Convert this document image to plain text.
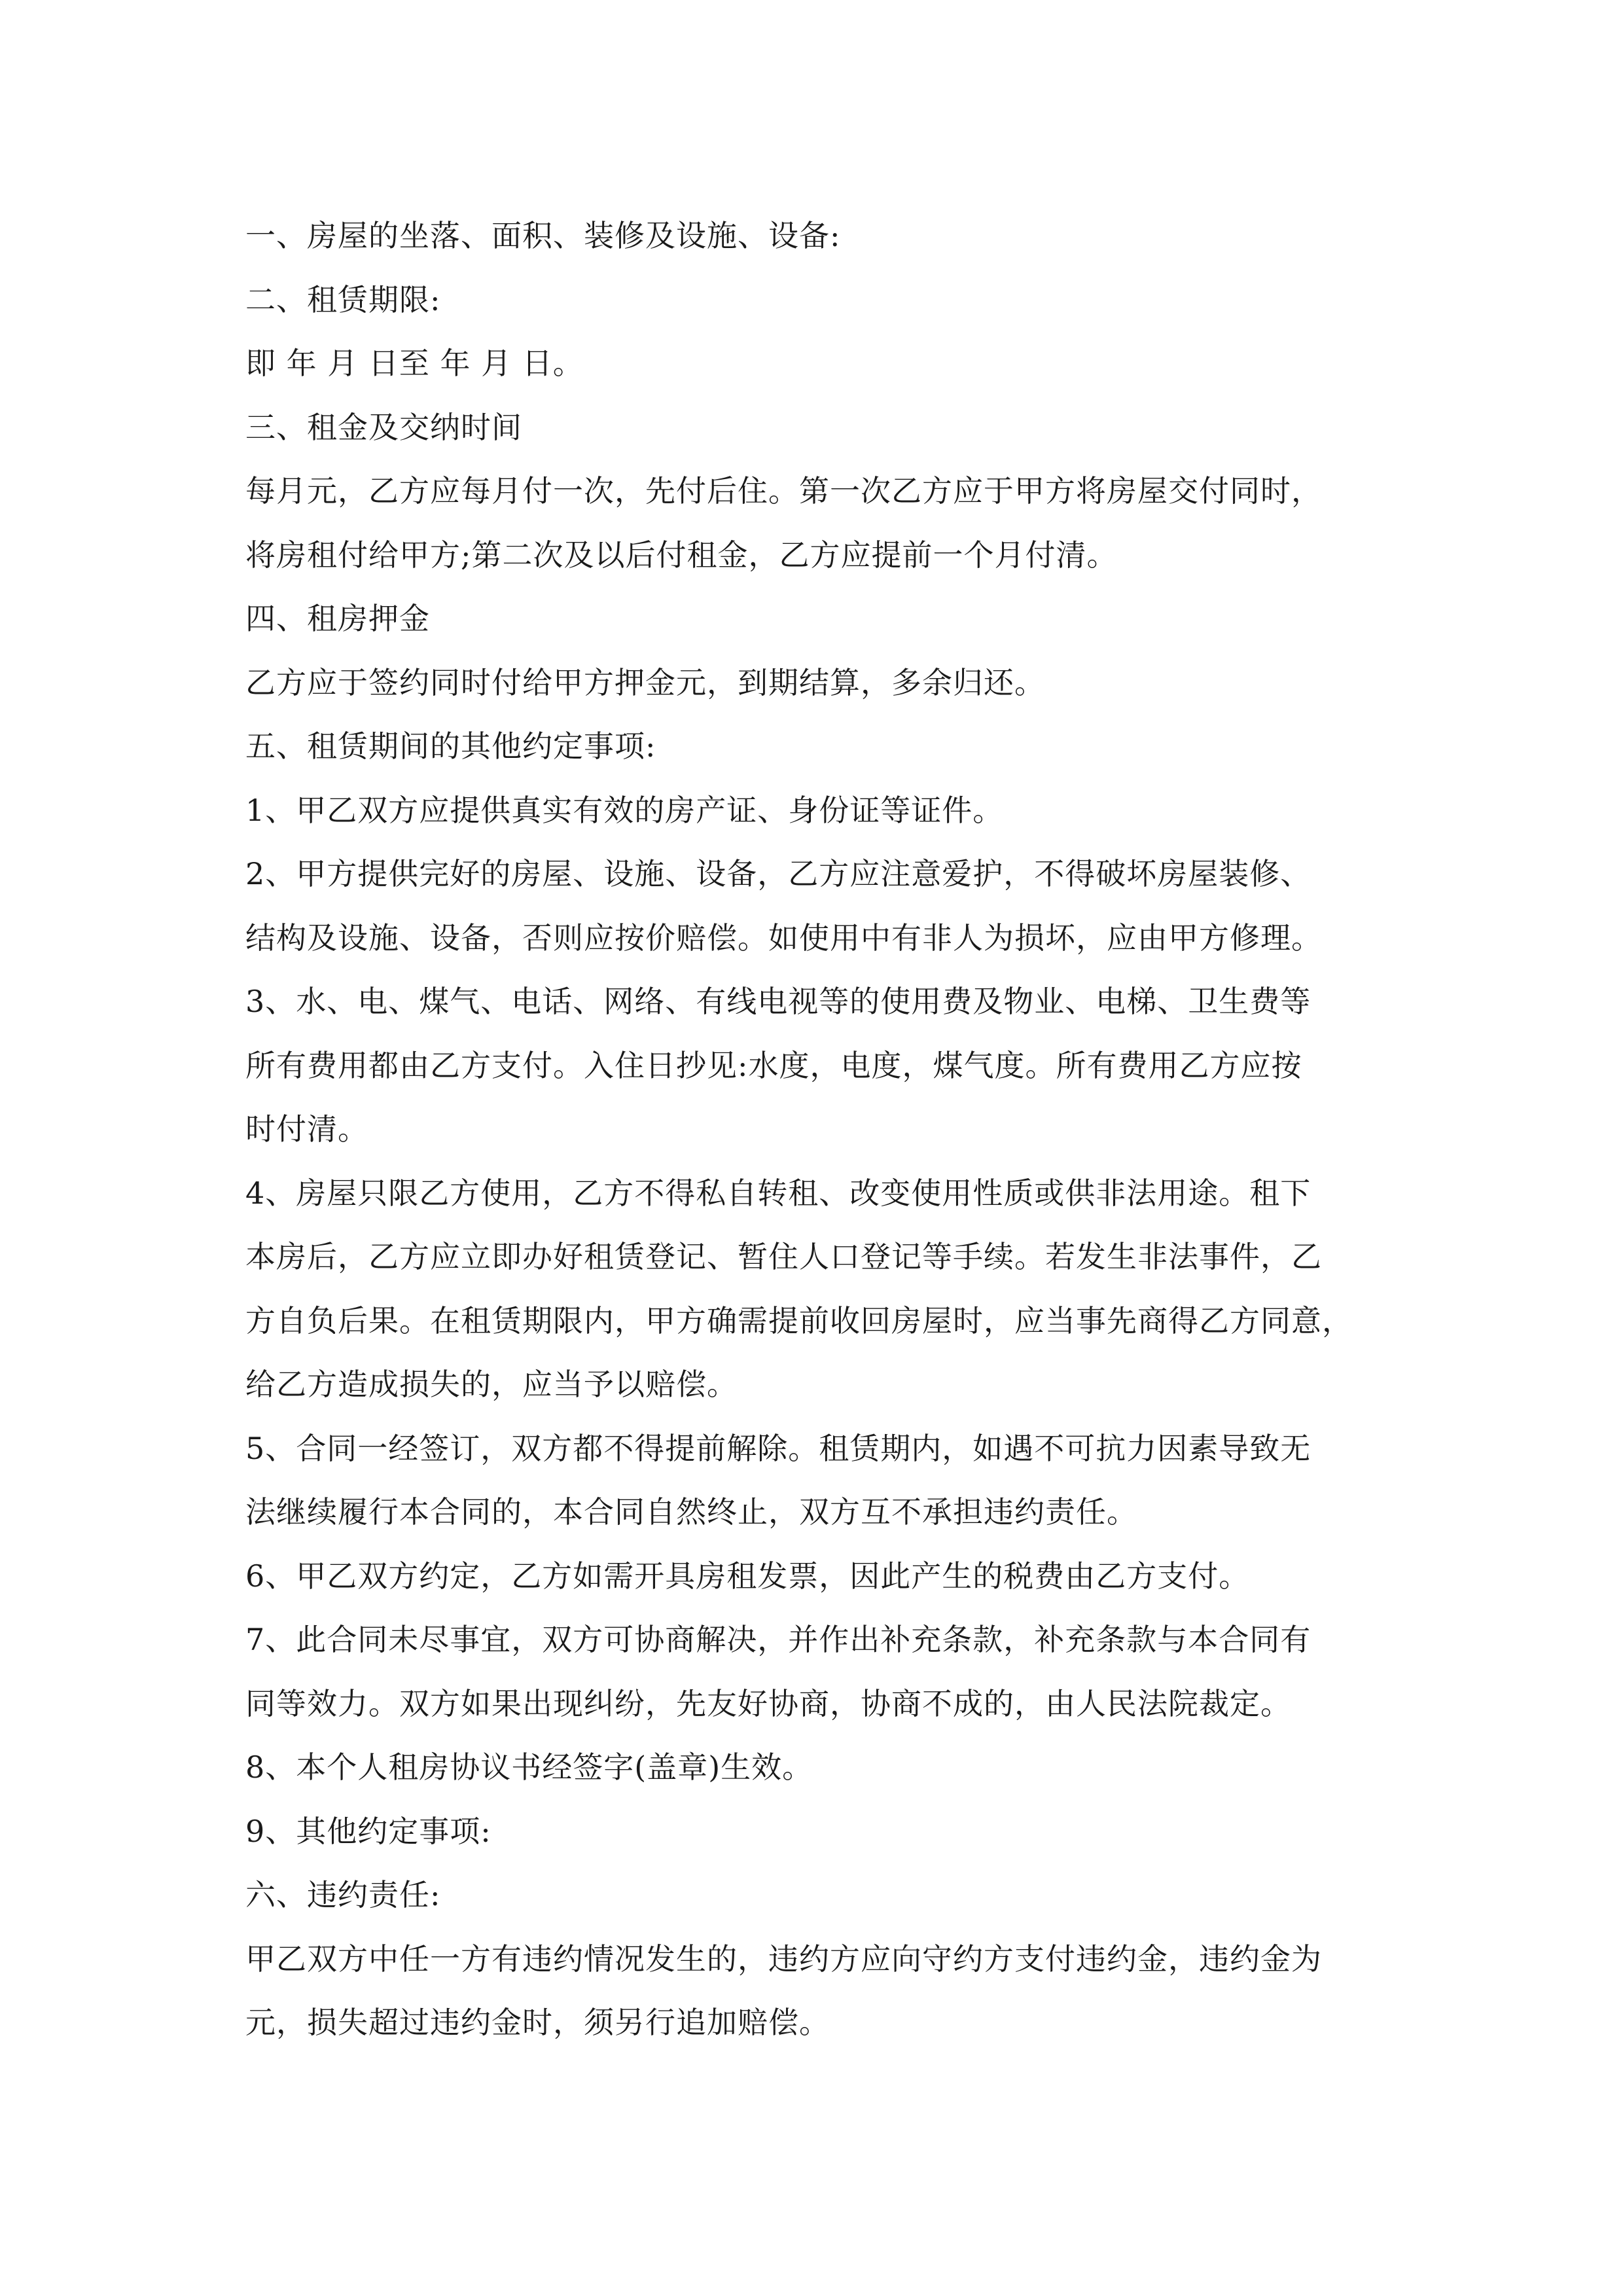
一、房屋的坐落、面积、装修及设施、设备:
二、租赁期限:
即 年 月 日至 年 月 日。
三、租金及交纳时间
每月元，乙方应每月付一次，先付后住。第一次乙方应于甲方将房屋交付同时，
将房租付给甲方;第二次及以后付租金，乙方应提前一个月付清。
四、租房押金
乙方应于签约同时付给甲方押金元，到期结算，多余归还。
五、租赁期间的其他约定事项:
1、甲乙双方应提供真实有效的房产证、身份证等证件。
2、甲方提供完好的房屋、设施、设备，乙方应注意爱护，不得破坏房屋装修、
结构及设施、设备，否则应按价赔偿。如使用中有非人为损坏，应由甲方修理。
3、水、电、煤气、电话、网络、有线电视等的使用费及物业、电梯、卫生费等
所有费用都由乙方支付。入住日抄见:水度，电度，煤气度。所有费用乙方应按
时付清。
4、房屋只限乙方使用，乙方不得私自转租、改变使用性质或供非法用途。租下
本房后，乙方应立即办好租赁登记、暂住人口登记等手续。若发生非法事件，乙
方自负后果。在租赁期限内，甲方确需提前收回房屋时，应当事先商得乙方同意，
给乙方造成损失的，应当予以赔偿。
5、合同一经签订，双方都不得提前解除。租赁期内，如遇不可抗力因素导致无
法继续履行本合同的，本合同自然终止，双方互不承担违约责任。
6、甲乙双方约定，乙方如需开具房租发票，因此产生的税费由乙方支付。
7、此合同未尽事宜，双方可协商解决，并作出补充条款，补充条款与本合同有
同等效力。双方如果出现纠纷，先友好协商，协商不成的，由人民法院裁定。
8、本个人租房协议书经签字(盖章)生效。
9、其他约定事项:
六、违约责任:
甲乙双方中任一方有违约情况发生的，违约方应向守约方支付违约金，违约金为
元，损失超过违约金时，须另行追加赔偿。
